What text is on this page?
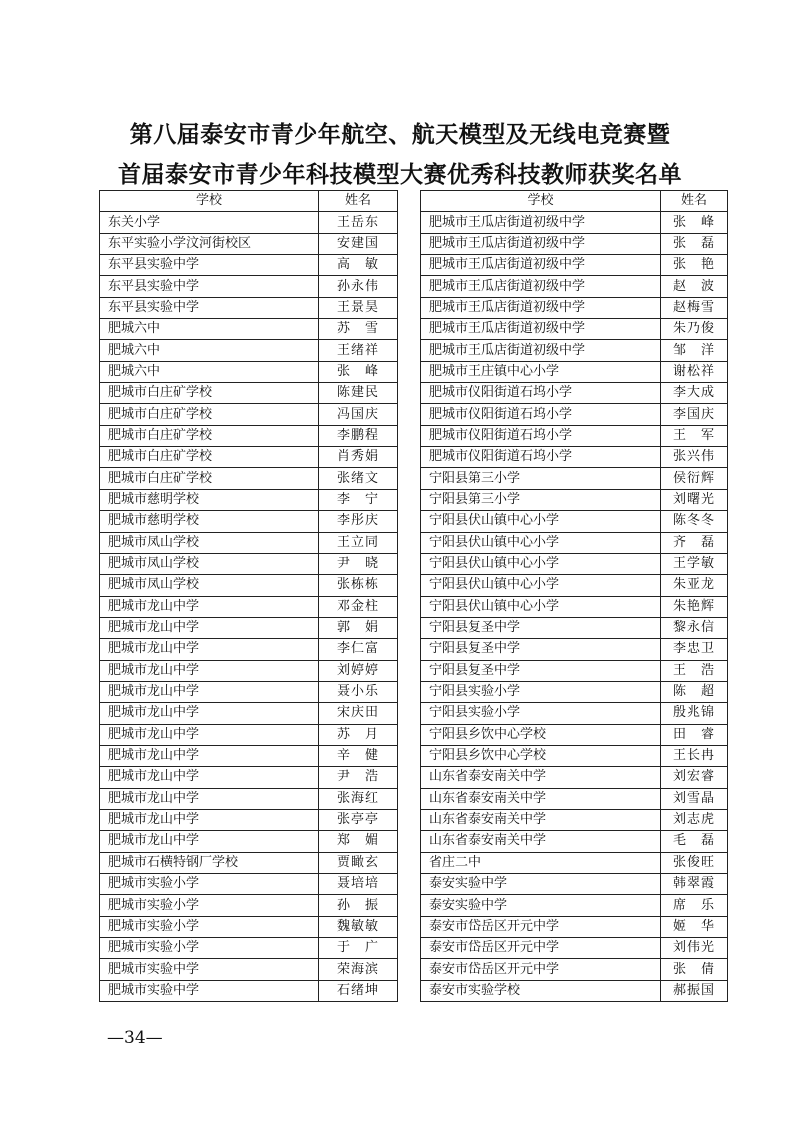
第八届泰安市青少年航空、航天模型及无线电竞赛暨
首届泰安市青少年科技模型大赛优秀科技教师获奖名单
学校	姓名		学校	姓名
东关小学	王岳东		肥城市王瓜店街道初级中学	张　峰
东平实验小学汶河街校区	安建国		肥城市王瓜店街道初级中学	张　磊
东平县实验中学	高　敏		肥城市王瓜店街道初级中学	张　艳
东平县实验中学	孙永伟		肥城市王瓜店街道初级中学	赵　波
东平县实验中学	王景昊		肥城市王瓜店街道初级中学	赵梅雪
肥城六中	苏　雪		肥城市王瓜店街道初级中学	朱乃俊
肥城六中	王绪祥		肥城市王瓜店街道初级中学	邹　洋
肥城六中	张　峰		肥城市王庄镇中心小学	谢松祥
肥城市白庄矿学校	陈建民		肥城市仪阳街道石坞小学	李大成
肥城市白庄矿学校	冯国庆		肥城市仪阳街道石坞小学	李国庆
肥城市白庄矿学校	李鹏程		肥城市仪阳街道石坞小学	王　军
肥城市白庄矿学校	肖秀娟		肥城市仪阳街道石坞小学	张兴伟
肥城市白庄矿学校	张绪文		宁阳县第三小学	侯衍辉
肥城市慈明学校	李　宁		宁阳县第三小学	刘曙光
肥城市慈明学校	李彤庆		宁阳县伏山镇中心小学	陈冬冬
肥城市凤山学校	王立同		宁阳县伏山镇中心小学	齐　磊
肥城市凤山学校	尹　晓		宁阳县伏山镇中心小学	王学敏
肥城市凤山学校	张栋栋		宁阳县伏山镇中心小学	朱亚龙
肥城市龙山中学	邓金柱		宁阳县伏山镇中心小学	朱艳辉
肥城市龙山中学	郭　娟		宁阳县复圣中学	黎永信
肥城市龙山中学	李仁富		宁阳县复圣中学	李忠卫
肥城市龙山中学	刘婷婷		宁阳县复圣中学	王　浩
肥城市龙山中学	聂小乐		宁阳县实验小学	陈　超
肥城市龙山中学	宋庆田		宁阳县实验小学	殷兆锦
肥城市龙山中学	苏　月		宁阳县乡饮中心学校	田　睿
肥城市龙山中学	辛　健		宁阳县乡饮中心学校	王长冉
肥城市龙山中学	尹　浩		山东省泰安南关中学	刘宏睿
肥城市龙山中学	张海红		山东省泰安南关中学	刘雪晶
肥城市龙山中学	张亭亭		山东省泰安南关中学	刘志虎
肥城市龙山中学	郑　媚		山东省泰安南关中学	毛　磊
肥城市石横特钢厂学校	贾瞰玄		省庄二中	张俊旺
肥城市实验小学	聂培培		泰安实验中学	韩翠霞
肥城市实验小学	孙　振		泰安实验中学	席　乐
肥城市实验小学	魏敏敏		泰安市岱岳区开元中学	姬　华
肥城市实验小学	于　广		泰安市岱岳区开元中学	刘伟光
肥城市实验中学	荣海滨		泰安市岱岳区开元中学	张　倩
肥城市实验中学	石绪坤		泰安市实验学校	郝振国
—34—
